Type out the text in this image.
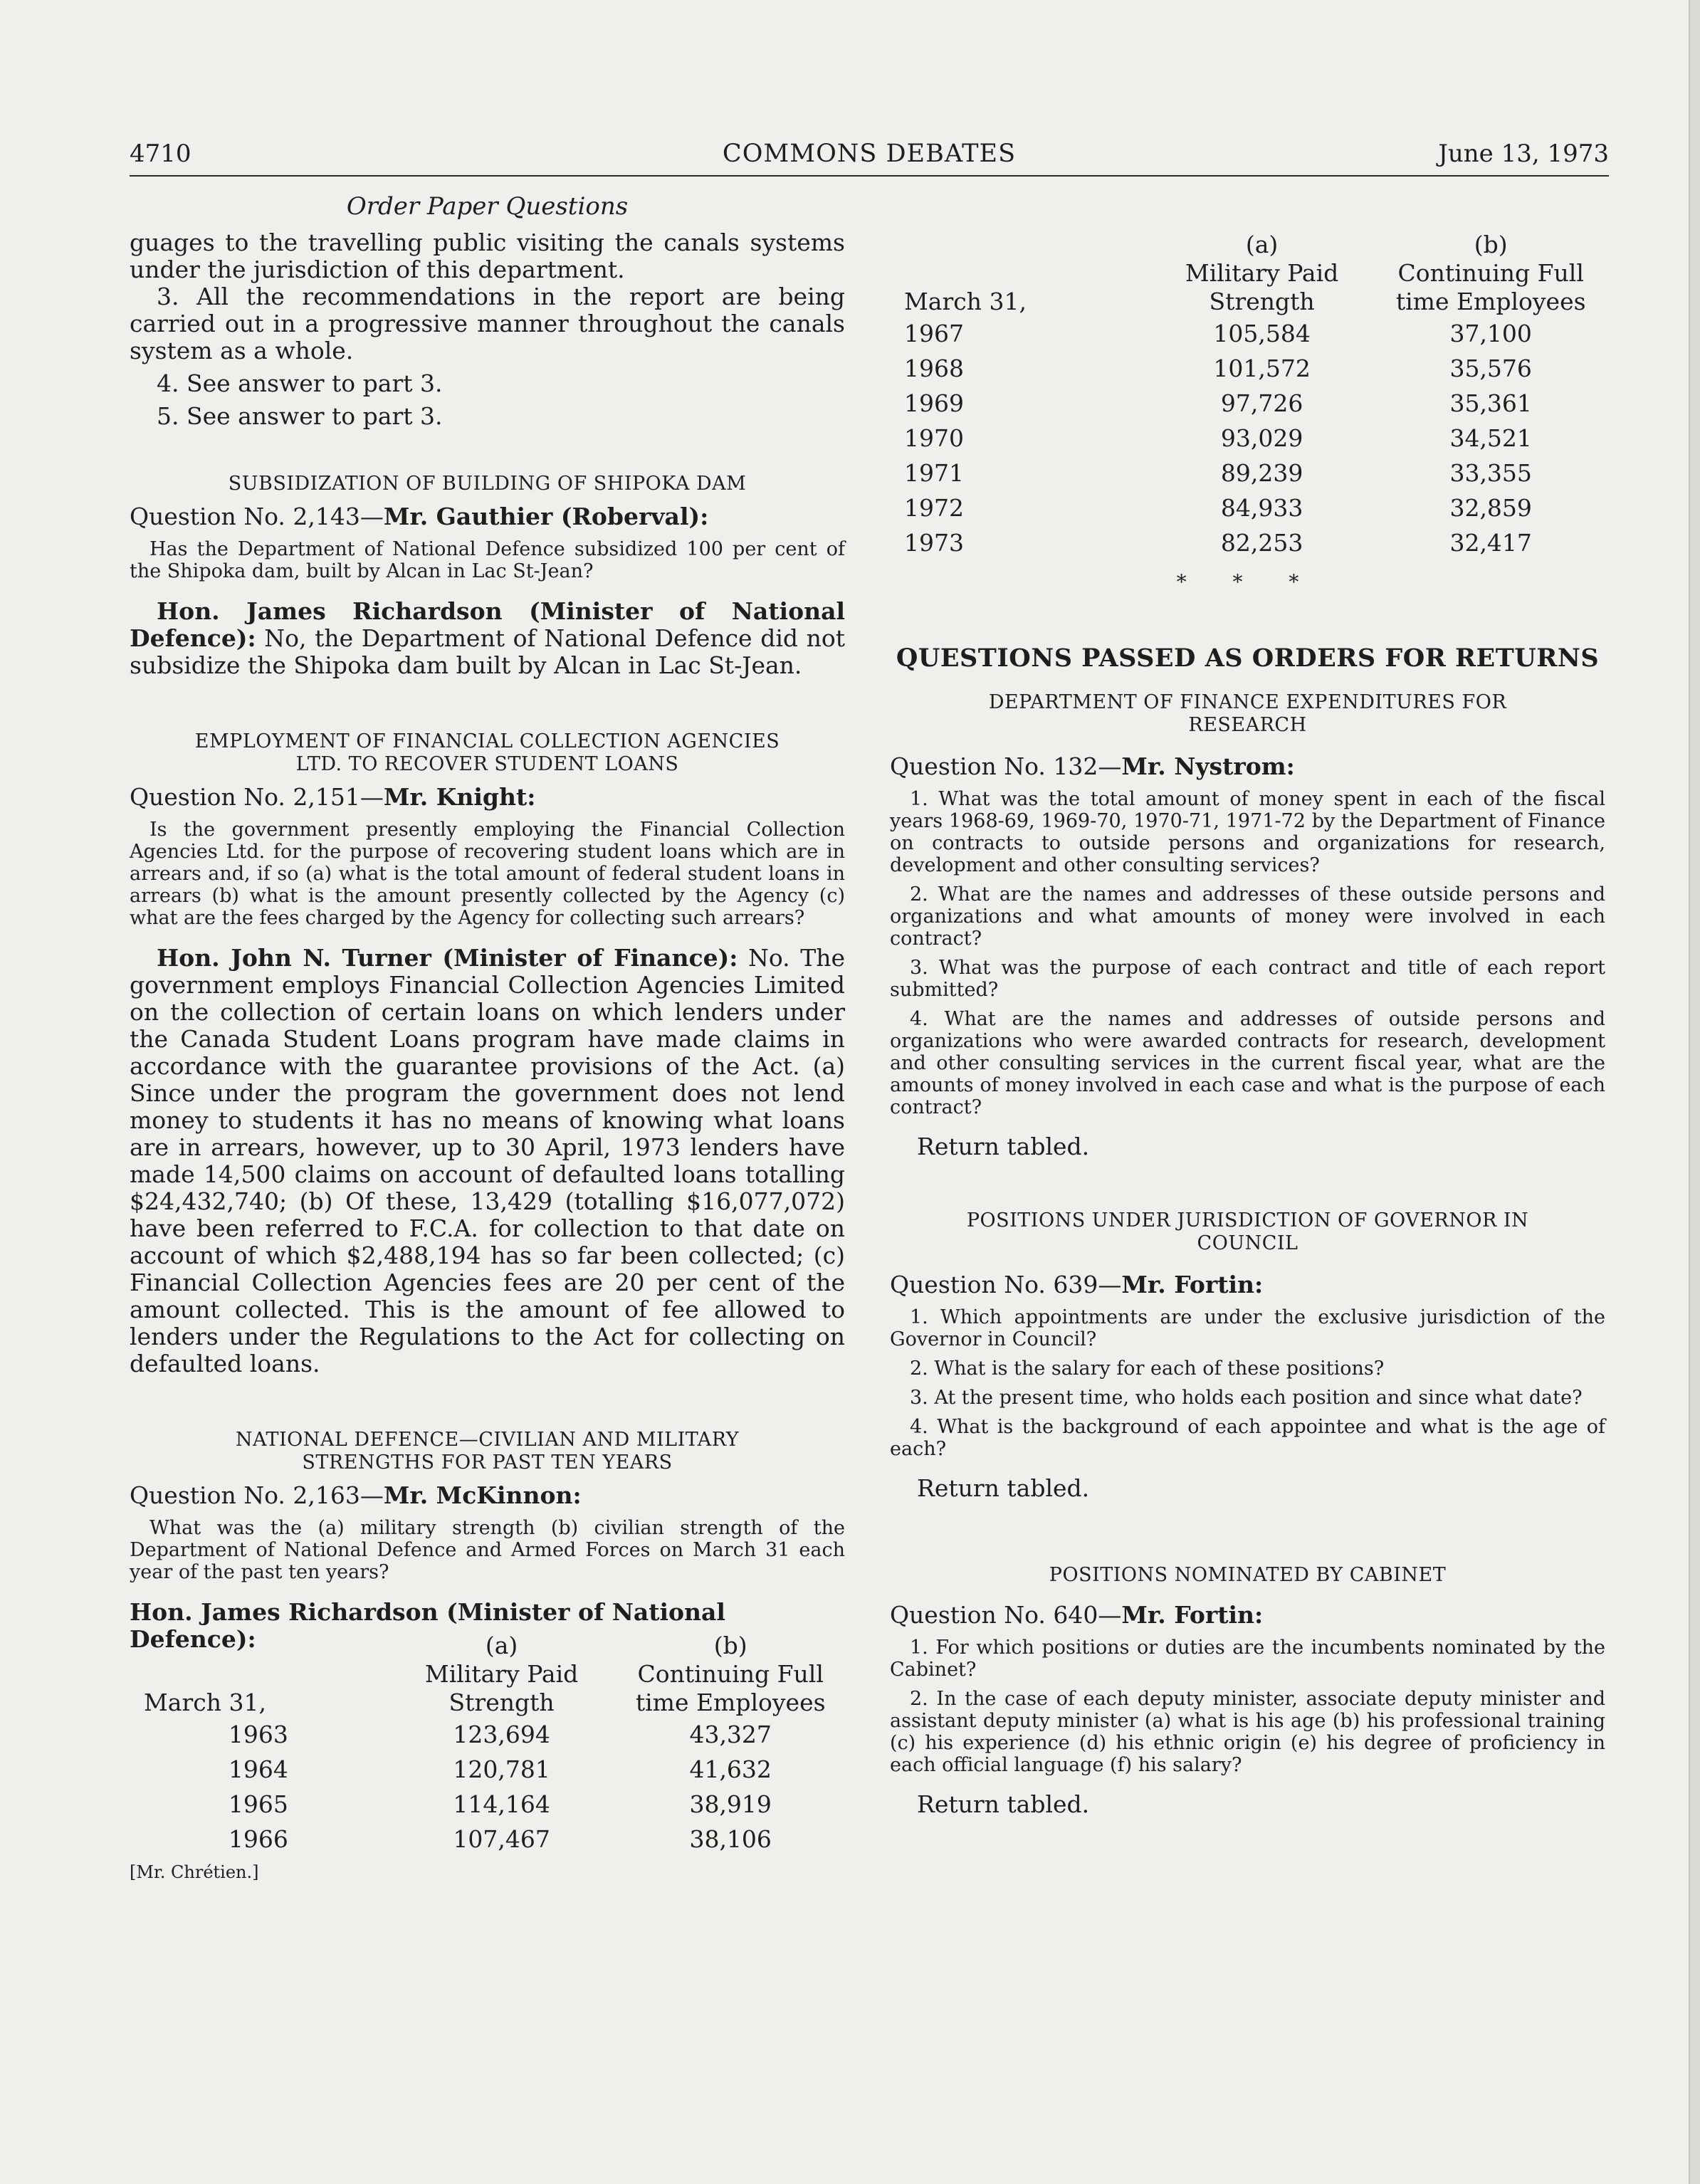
4710	COMMONS DEBATES	June 13, 1973
Order Paper Questions

guages to the travelling public visiting the canals systems under the jurisdiction of this department.

3. All the recommendations in the report are being carried out in a progressive manner throughout the canals system as a whole.

4. See answer to part 3.

5. See answer to part 3.

SUBSIDIZATION OF BUILDING OF SHIPOKA DAM

Question No. 2,143—Mr. Gauthier (Roberval):

Has the Department of National Defence subsidized 100 per cent of the Shipoka dam, built by Alcan in Lac St-Jean?

Hon. James Richardson (Minister of National Defence): No, the Department of National Defence did not subsidize the Shipoka dam built by Alcan in Lac St-Jean.

EMPLOYMENT OF FINANCIAL COLLECTION AGENCIES LTD. TO RECOVER STUDENT LOANS

Question No. 2,151—Mr. Knight:

Is the government presently employing the Financial Collection Agencies Ltd. for the purpose of recovering student loans which are in arrears and, if so (a) what is the total amount of federal student loans in arrears (b) what is the amount presently collected by the Agency (c) what are the fees charged by the Agency for collecting such arrears?

Hon. John N. Turner (Minister of Finance): No. The government employs Financial Collection Agencies Limited on the collection of certain loans on which lenders under the Canada Student Loans program have made claims in accordance with the guarantee provisions of the Act. (a) Since under the program the government does not lend money to students it has no means of knowing what loans are in arrears, however, up to 30 April, 1973 lenders have made 14,500 claims on account of defaulted loans totalling $24,432,740; (b) Of these, 13,429 (totalling $16,077,072) have been referred to F.C.A. for collection to that date on account of which $2,488,194 has so far been collected; (c) Financial Collection Agencies fees are 20 per cent of the amount collected. This is the amount of fee allowed to lenders under the Regulations to the Act for collecting on defaulted loans.

NATIONAL DEFENCE—CIVILIAN AND MILITARY STRENGTHS FOR PAST TEN YEARS

Question No. 2,163—Mr. McKinnon:

What was the (a) military strength (b) civilian strength of the Department of National Defence and Armed Forces on March 31 each year of the past ten years?

Hon. James Richardson (Minister of National Defence):

		(a)	(b)
	Military Paid	Continuing Full
March 31,	Strength	time Employees
1963	123,694	43,327
1964	120,781	41,632
1965	114,164	38,919
1966	107,467	38,106
[Mr. Chrétien.]
	(a)	(b)
	Military Paid	Continuing Full
March 31,	Strength	time Employees
1967	105,584	37,100
1968	101,572	35,576
1969	97,726	35,361
1970	93,029	34,521
1971	89,239	33,355
1972	84,933	32,859
1973	82,253	32,417
* * *
QUESTIONS PASSED AS ORDERS FOR RETURNS
DEPARTMENT OF FINANCE EXPENDITURES FOR RESEARCH

Question No. 132—Mr. Nystrom:

1. What was the total amount of money spent in each of the fiscal years 1968-69, 1969-70, 1970-71, 1971-72 by the Department of Finance on contracts to outside persons and organizations for research, development and other consulting services?

2. What are the names and addresses of these outside persons and organizations and what amounts of money were involved in each contract?

3. What was the purpose of each contract and title of each report submitted?

4. What are the names and addresses of outside persons and organizations who were awarded contracts for research, development and other consulting services in the current fiscal year, what are the amounts of money involved in each case and what is the purpose of each contract?

Return tabled.

POSITIONS UNDER JURISDICTION OF GOVERNOR IN COUNCIL

Question No. 639—Mr. Fortin:

1. Which appointments are under the exclusive jurisdiction of the Governor in Council?

2. What is the salary for each of these positions?

3. At the present time, who holds each position and since what date?

4. What is the background of each appointee and what is the age of each?

Return tabled.

POSITIONS NOMINATED BY CABINET

Question No. 640—Mr. Fortin:

1. For which positions or duties are the incumbents nominated by the Cabinet?

2. In the case of each deputy minister, associate deputy minister and assistant deputy minister (a) what is his age (b) his professional training (c) his experience (d) his ethnic origin (e) his degree of proficiency in each official language (f) his salary?

Return tabled.
